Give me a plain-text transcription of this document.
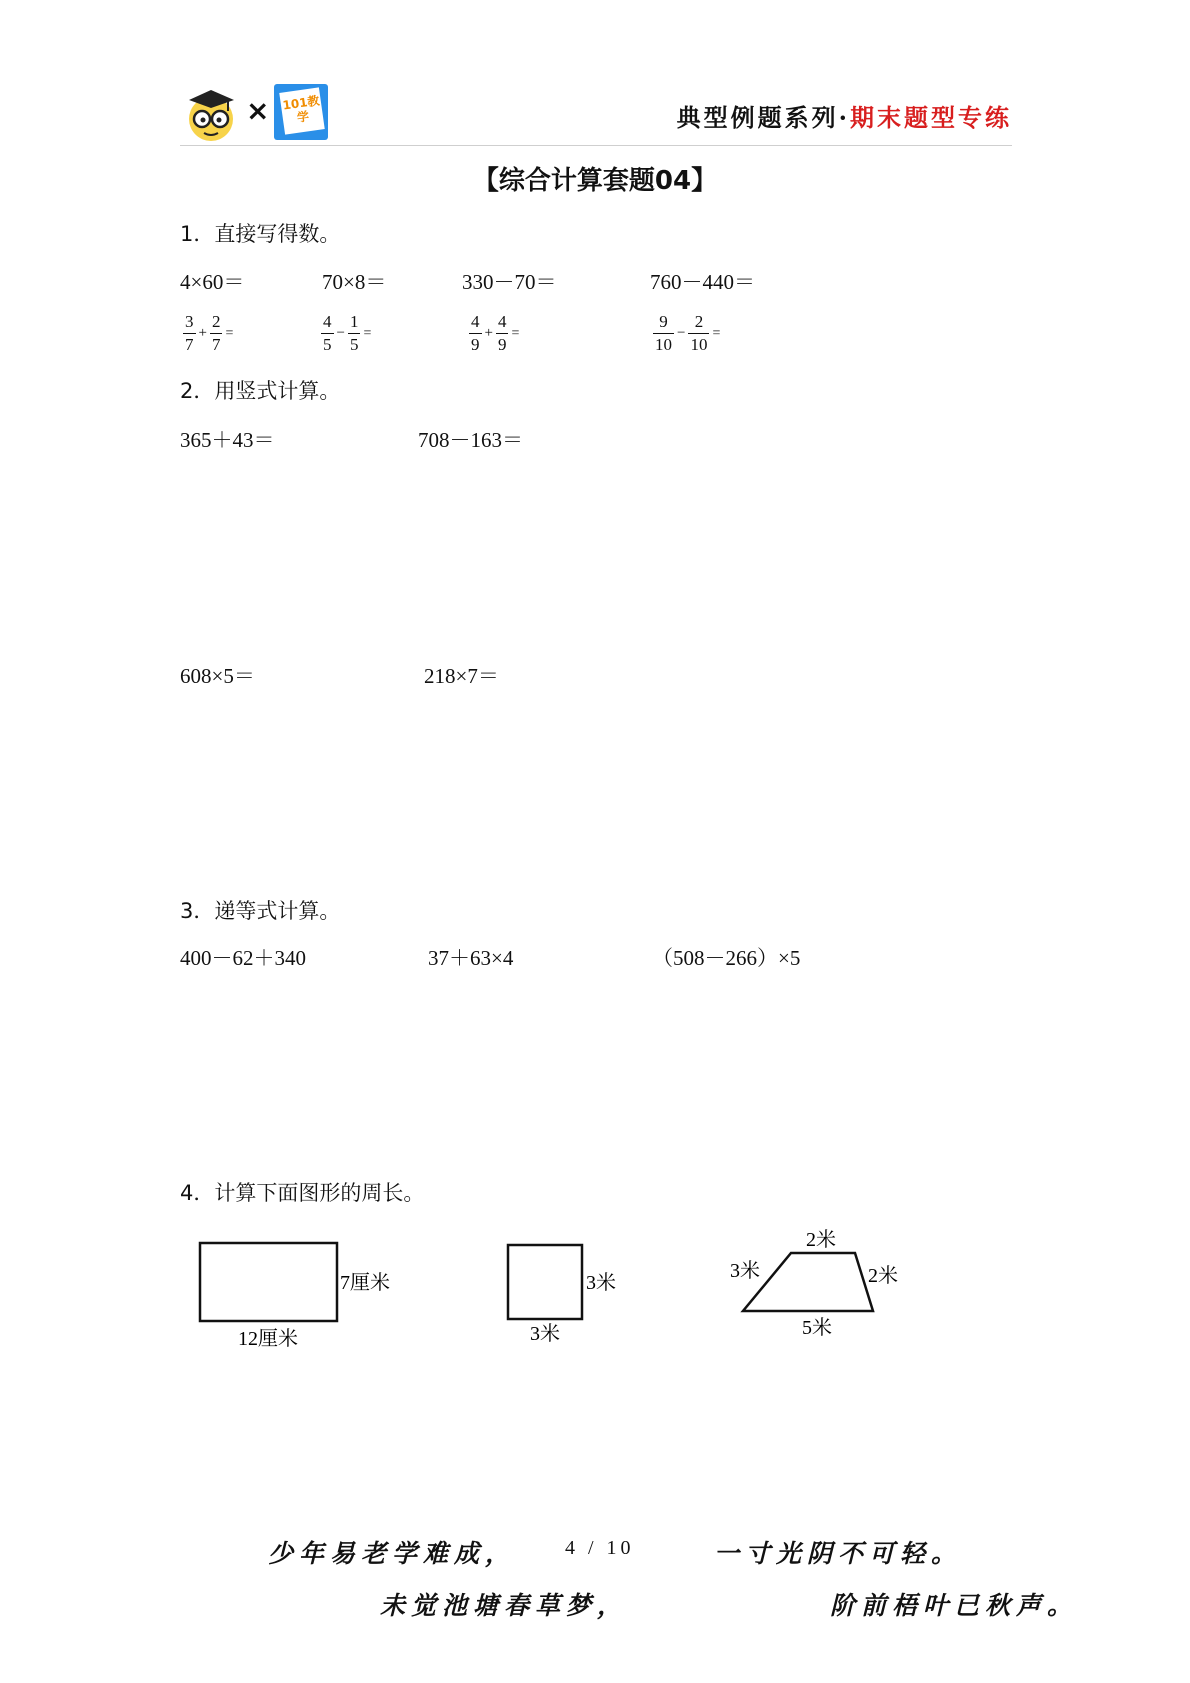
×	101教学	典型例题系列·期末题型专练
【综合计算套题04】
1．直接写得数。
4×60＝	70×8＝	330－70＝	760－440＝
$\frac{3}{7} + \frac{2}{7}$ =	$\frac{4}{5} - \frac{1}{5}$ =	$\frac{4}{9} + \frac{4}{9}$ =	$\frac{9}{10} - \frac{2}{10}$ =
2．用竖式计算。
365＋43＝	708－163＝
608×5＝	218×7＝
3．递等式计算。
400－62＋340	37＋63×4	（508－266）×5
4．计算下面图形的周长。
7厘米
12厘米
3米
3米
2米
3米	2米
5米
少年易老学难成， 4 / 10	一寸光阴不可轻。
未觉池塘春草梦，	阶前梧叶已秋声。
